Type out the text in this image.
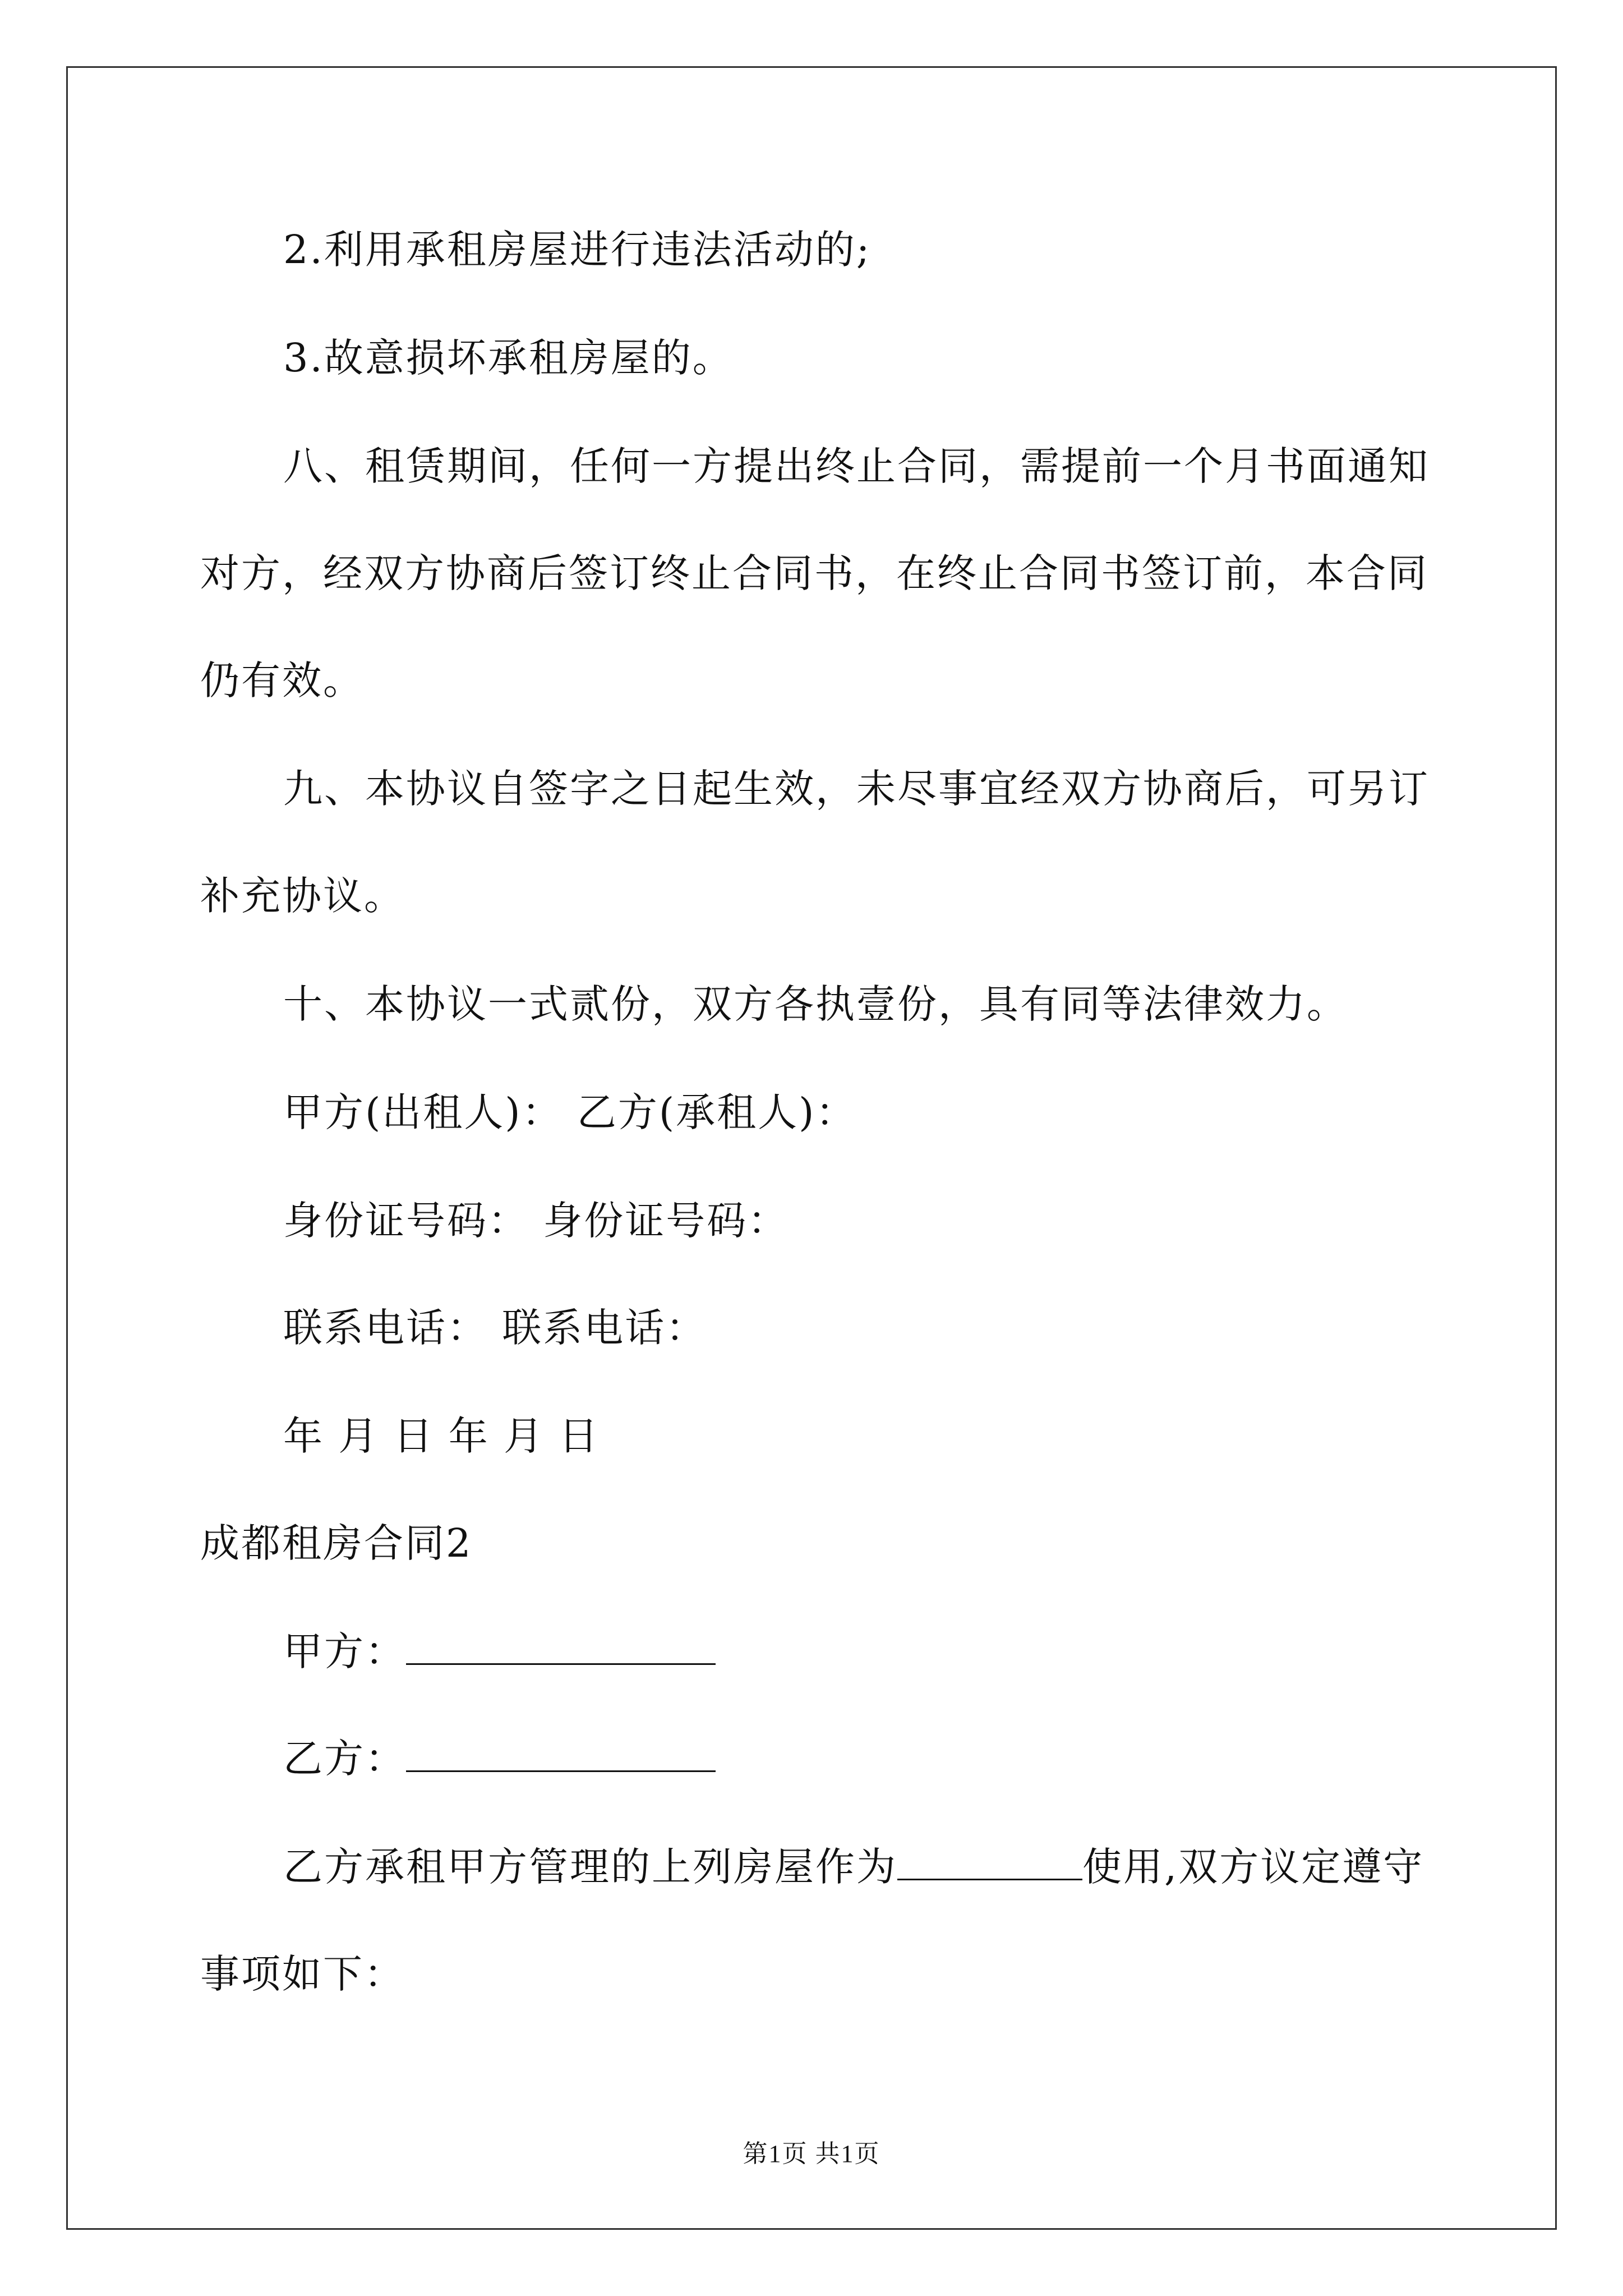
2.利用承租房屋进行违法活动的;
3.故意损坏承租房屋的。
八、租赁期间，任何一方提出终止合同，需提前一个月书面通知
对方，经双方协商后签订终止合同书，在终止合同书签订前，本合同
仍有效。
九、本协议自签字之日起生效，未尽事宜经双方协商后，可另订
补充协议。
十、本协议一式贰份，双方各执壹份，具有同等法律效力。
甲方(出租人)： 乙方(承租人)：
身份证号码： 身份证号码：
联系电话： 联系电话：
年 月 日 年 月 日
成都租房合同2
甲方：
乙方：
乙方承租甲方管理的上列房屋作为	使用,双方议定遵守
事项如下：
第1页 共1页
